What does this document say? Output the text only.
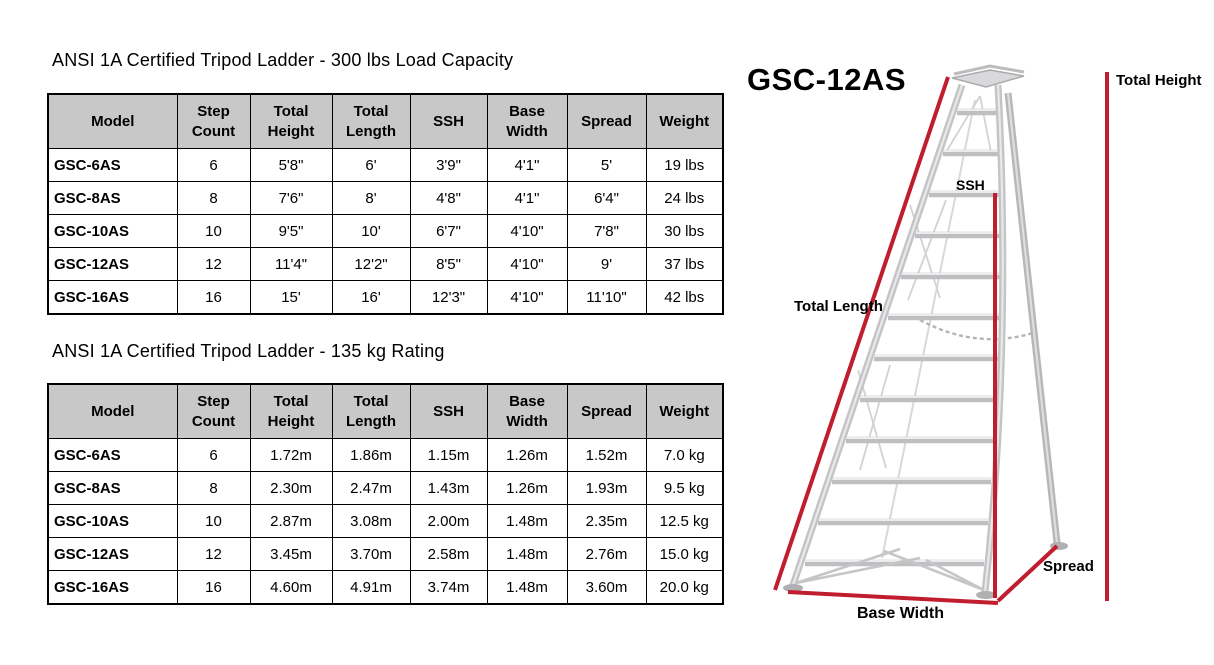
ANSI 1A Certified Tripod Ladder - 300 lbs Load Capacity
Model	Step Count	Total Height	Total Length	SSH	Base Width	Spread	Weight
GSC-6AS	6	5'8"	6'	3'9"	4'1"	5'	19 lbs
GSC-8AS	8	7'6"	8'	4'8"	4'1"	6'4"	24 lbs
GSC-10AS	10	9'5"	10'	6'7"	4'10"	7'8"	30 lbs
GSC-12AS	12	11'4"	12'2"	8'5"	4'10"	9'	37 lbs
GSC-16AS	16	15'	16'	12'3"	4'10"	11'10"	42 lbs
ANSI 1A Certified Tripod Ladder - 135 kg Rating
Model	Step Count	Total Height	Total Length	SSH	Base Width	Spread	Weight
GSC-6AS	6	1.72m	1.86m	1.15m	1.26m	1.52m	7.0 kg
GSC-8AS	8	2.30m	2.47m	1.43m	1.26m	1.93m	9.5 kg
GSC-10AS	10	2.87m	3.08m	2.00m	1.48m	2.35m	12.5 kg
GSC-12AS	12	3.45m	3.70m	2.58m	1.48m	2.76m	15.0 kg
GSC-16AS	16	4.60m	4.91m	3.74m	1.48m	3.60m	20.0 kg
GSC-12AS	Total Height
SSH
Total Length
Spread
Base Width
